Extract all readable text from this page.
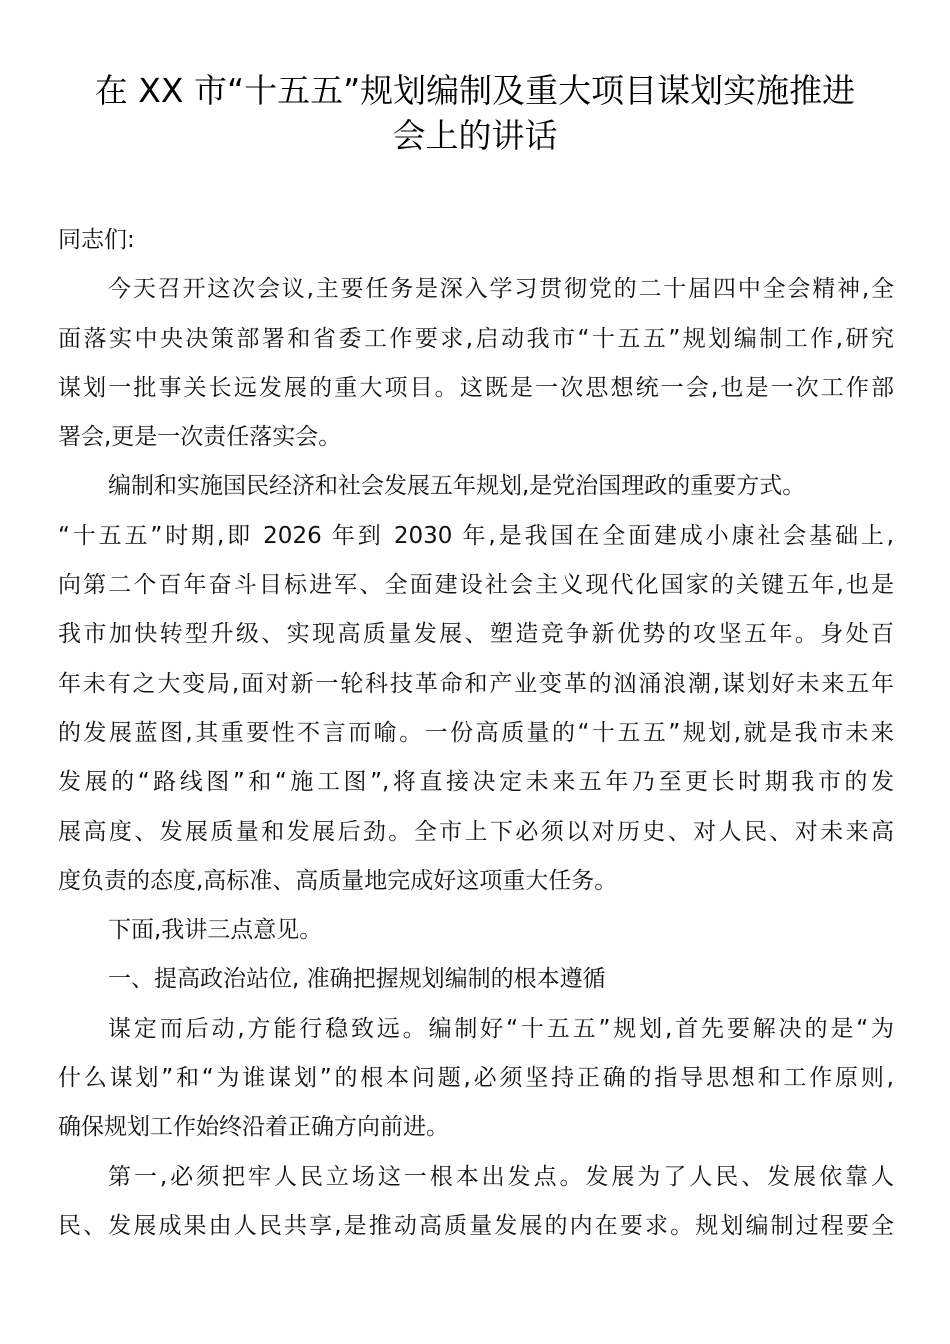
在 XX 市“十五五”规划编制及重大项目谋划实施推进
会上的讲话

同志们:

今天召开这次会议,主要任务是深入学习贯彻党的二十届四中全会精神,全
面落实中央决策部署和省委工作要求,启动我市“十五五”规划编制工作,研究
谋划一批事关长远发展的重大项目。这既是一次思想统一会,也是一次工作部
署会,更是一次责任落实会。

编制和实施国民经济和社会发展五年规划,是党治国理政的重要方式。
“十五五”时期,即 2026 年到 2030 年,是我国在全面建成小康社会基础上,
向第二个百年奋斗目标进军、全面建设社会主义现代化国家的关键五年,也是
我市加快转型升级、实现高质量发展、塑造竞争新优势的攻坚五年。身处百
年未有之大变局,面对新一轮科技革命和产业变革的汹涌浪潮,谋划好未来五年
的发展蓝图,其重要性不言而喻。一份高质量的“十五五”规划,就是我市未来
发展的“路线图”和“施工图”,将直接决定未来五年乃至更长时期我市的发
展高度、发展质量和发展后劲。全市上下必须以对历史、对人民、对未来高
度负责的态度,高标准、高质量地完成好这项重大任务。

下面,我讲三点意见。

一、提高政治站位, 准确把握规划编制的根本遵循

谋定而后动,方能行稳致远。编制好“十五五”规划,首先要解决的是“为
什么谋划”和“为谁谋划”的根本问题,必须坚持正确的指导思想和工作原则,
确保规划工作始终沿着正确方向前进。

第一,必须把牢人民立场这一根本出发点。发展为了人民、发展依靠人
民、发展成果由人民共享,是推动高质量发展的内在要求。规划编制过程要全
